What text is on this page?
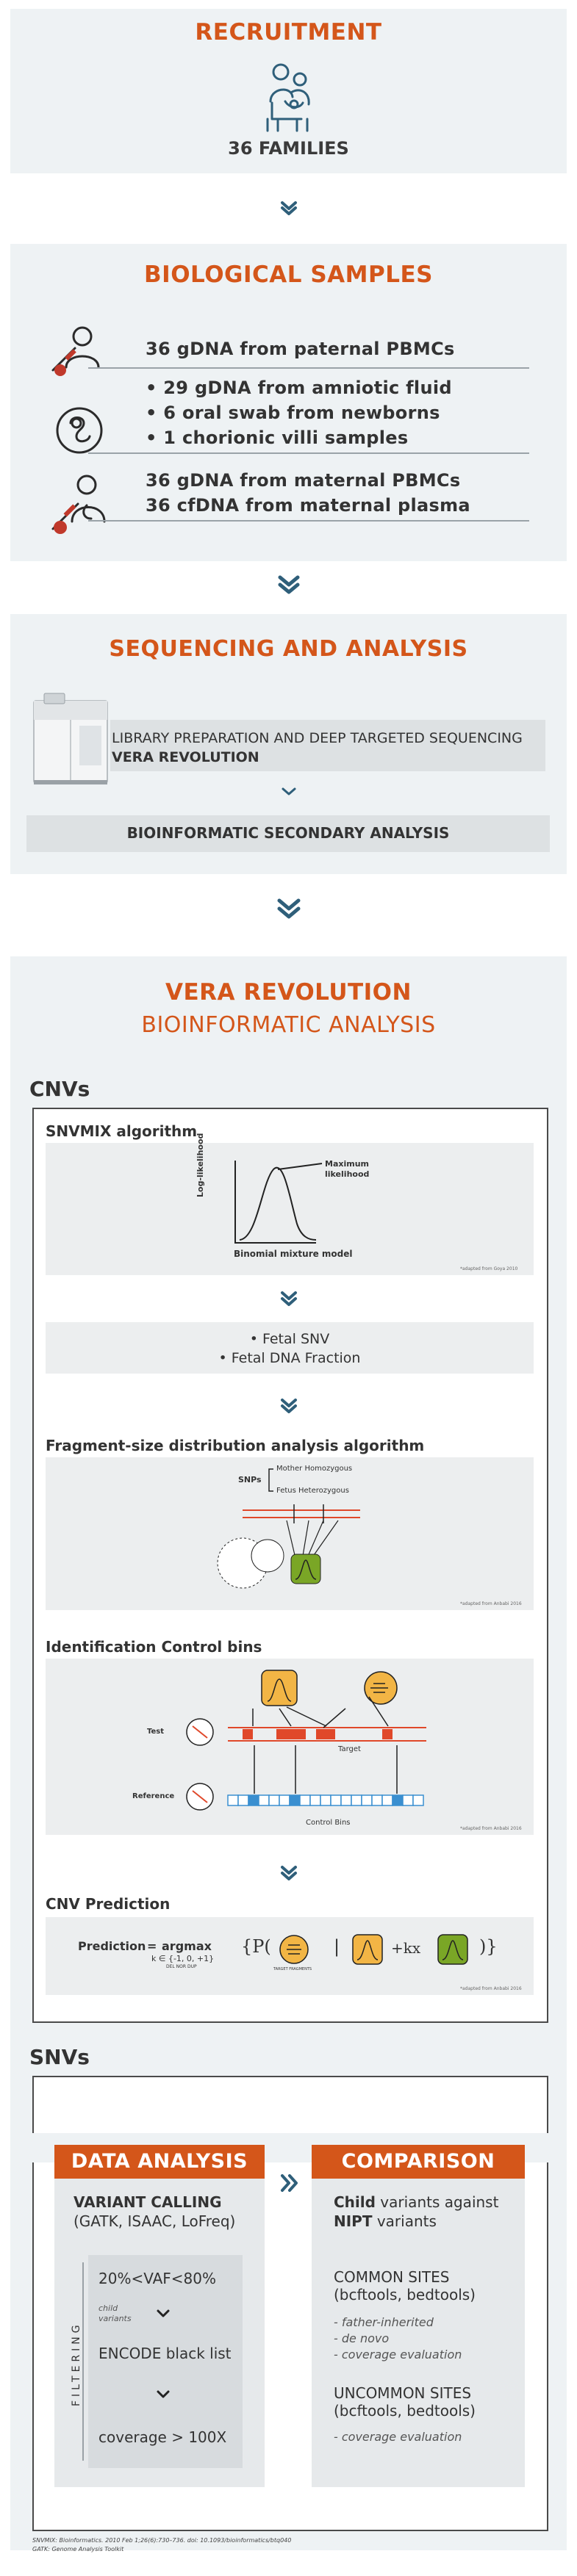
RECRUITMENT
36 FAMILIES
BIOLOGICAL SAMPLES
36 gDNA from paternal PBMCs
• 29 gDNA from amniotic fluid
• 6 oral swab from newborns
• 1 chorionic villi samples
36 gDNA from maternal PBMCs
36 cfDNA from maternal plasma
SEQUENCING AND ANALYSIS
LIBRARY PREPARATION AND DEEP TARGETED SEQUENCING
VERA REVOLUTION
BIOINFORMATIC SECONDARY ANALYSIS
VERA REVOLUTION
BIOINFORMATIC ANALYSIS
CNVs
SNVMIX algorithm
Log-likelihood	Maximum
likelihood
Binomial mixture model
*adapted from Goya 2010
• Fetal SNV
• Fetal DNA Fraction
Fragment-size distribution analysis algorithm
SNPs
Mother Homozygous
Fetus Heterozygous
*adapted from Anbabi 2016
Identification Control bins
Test
Reference
Target
Control Bins
*adapted from Anbabi 2016
CNV Prediction
Prediction = argmax
k ∈ {-1, 0, +1}
DEL NOR DUP
{P(
TARGET FRAGMENTS
|	+kx	)}
*adapted from Anbabi 2016
SNVs
DATA ANALYSIS
VARIANT CALLING
(GATK, ISAAC, LoFreq)
FILTERING
20%<VAF<80%
child
variants
ENCODE black list
coverage > 100X
COMPARISON
Child variants against
NIPT variants
COMMON SITES
(bcftools, bedtools)
- father-inherited
- de novo
- coverage evaluation
UNCOMMON SITES
(bcftools, bedtools)
- coverage evaluation
SNVMIX: Bioinformatics. 2010 Feb 1;26(6):730–736. doi: 10.1093/bioinformatics/btq040
GATK: Genome Analysis Toolkit
